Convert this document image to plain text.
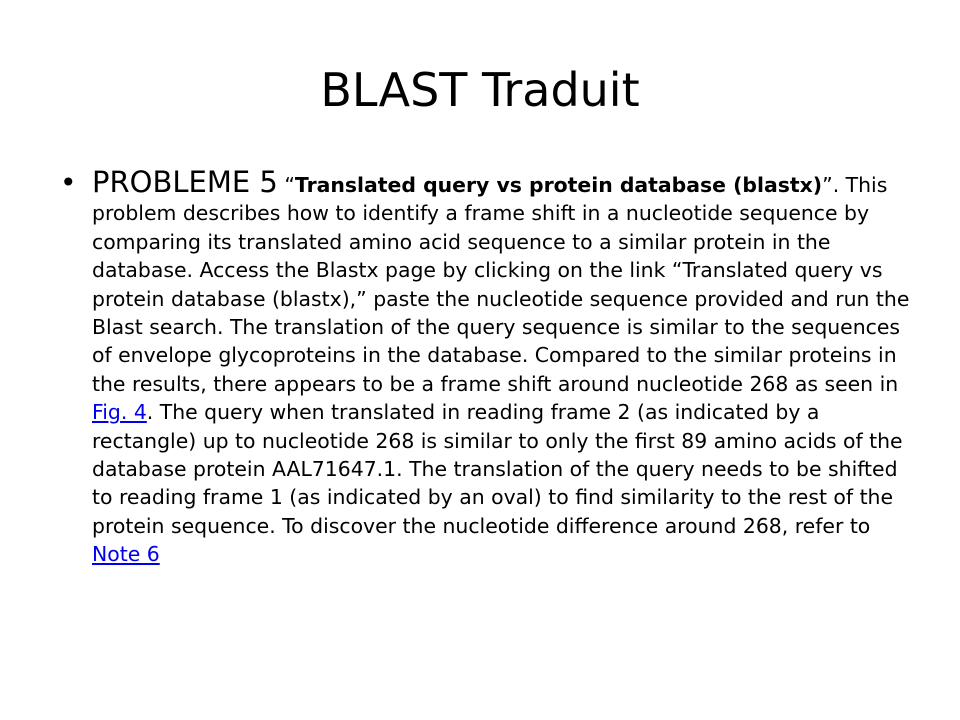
BLAST Traduit
• PROBLEME 5 “Translated query vs protein database (blastx)”. This problem describes how to identify a frame shift in a nucleotide sequence by comparing its translated amino acid sequence to a similar protein in the database. Access the Blastx page by clicking on the link “Translated query vs protein database (blastx),” paste the nucleotide sequence provided and run the Blast search. The translation of the query sequence is similar to the sequences of envelope glycoproteins in the database. Compared to the similar proteins in the results, there appears to be a frame shift around nucleotide 268 as seen in Fig. 4. The query when translated in reading frame 2 (as indicated by a rectangle) up to nucleotide 268 is similar to only the first 89 amino acids of the database protein AAL71647.1. The translation of the query needs to be shifted to reading frame 1 (as indicated by an oval) to find similarity to the rest of the protein sequence. To discover the nucleotide difference around 268, refer to Note 6
